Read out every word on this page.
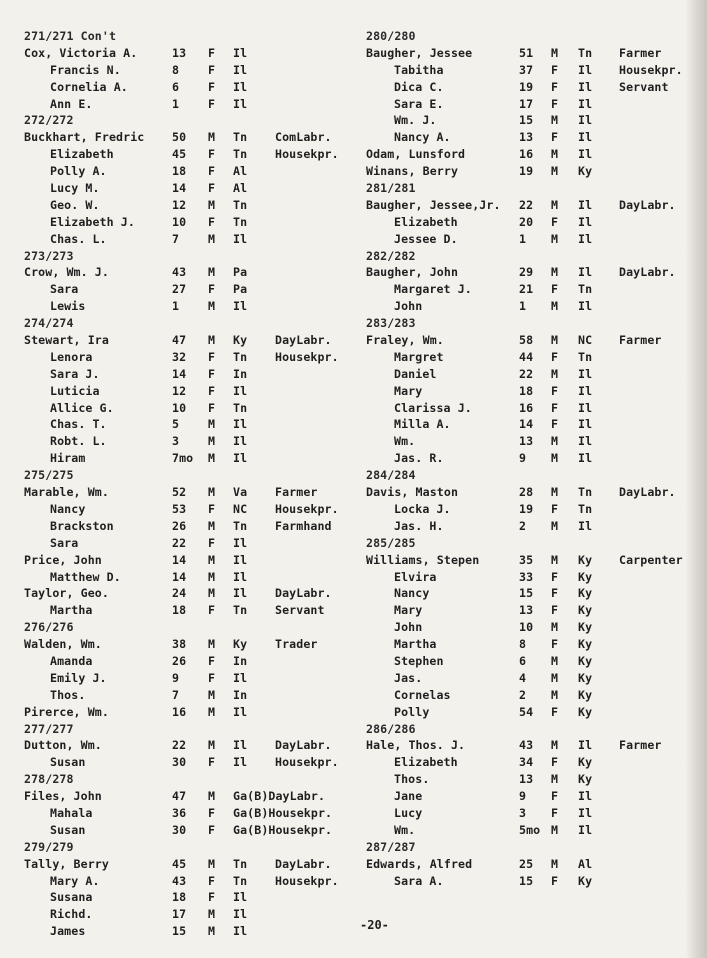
271/271 Con't
Cox, Victoria A.	13 F Il
Francis N.	8 F Il
Cornelia A.	6 F Il
Ann E.	1 F Il
272/272
Buckhart, Fredric 50 M Tn ComLabr.
Elizabeth	45 F Tn Housekpr.
Polly A.	18 F Al
Lucy M.	14 F Al
Geo. W.	12 M Tn
Elizabeth J.	10 F Tn
Chas. L.	7 M Il
273/273
Crow, Wm. J.	43 M Pa
Sara	27 F Pa
Lewis	1 M Il
274/274
Stewart, Ira	47 M Ky DayLabr.
Lenora	32 F Tn Housekpr.
Sara J.	14 F In
Luticia	12 F Il
Allice G.	10 F Tn
Chas. T.	5 M Il
Robt. L.	3 M Il
Hiram	7mo M Il
275/275
Marable, Wm.	52 M Va Farmer
Nancy	53 F NC Housekpr.
Brackston	26 M Tn Farmhand
Sara	22 F Il
Price, John	14 M Il
Matthew D.	14 M Il
Taylor, Geo.	24 M Il DayLabr.
Martha	18 F Tn Servant
276/276
Walden, Wm.	38 M Ky Trader
Amanda	26 F In
Emily J.	9 F Il
Thos.	7 M In
Pirerce, Wm.	16 M Il
277/277
Dutton, Wm.	22 M Il DayLabr.
Susan	30 F Il Housekpr.
278/278
Files, John	47 M Ga(B)DayLabr.
Mahala	36 F Ga(B)Housekpr.
Susan	30 F Ga(B)Housekpr.
279/279
Tally, Berry	45 M Tn DayLabr.
Mary A.	43 F Tn Housekpr.
Susana	18 F Il
Richd.	17 M Il
James	15 M Il
280/280
Baugher, Jessee	51 M Tn Farmer
Tabitha	37 F Il Housekpr.
Dica C.	19 F Il Servant
Sara E.	17 F Il
Wm. J.	15 M Il
Nancy A.	13 F Il
Odam, Lunsford	16 M Il
Winans, Berry	19 M Ky
281/281
Baugher, Jessee,Jr. 22 M Il DayLabr.
Elizabeth	20 F Il
Jessee D.	1 M Il
282/282
Baugher, John	29 M Il DayLabr.
Margaret J.	21 F Tn
John	1 M Il
283/283
Fraley, Wm.	58 M NC Farmer
Margret	44 F Tn
Daniel	22 M Il
Mary	18 F Il
Clarissa J.	16 F Il
Milla A.	14 F Il
Wm.	13 M Il
Jas. R.	9 M Il
284/284
Davis, Maston	28 M Tn DayLabr.
Locka J.	19 F Tn
Jas. H.	2 M Il
285/285
Williams, Stepen	35 M Ky Carpenter
Elvira	33 F Ky
Nancy	15 F Ky
Mary	13 F Ky
John	10 M Ky
Martha	8 F Ky
Stephen	6 M Ky
Jas.	4 M Ky
Cornelas	2 M Ky
Polly	54 F Ky
286/286
Hale, Thos. J.	43 M Il Farmer
Elizabeth	34 F Ky
Thos.	13 M Ky
Jane	9 F Il
Lucy	3 F Il
Wm.	5mo M Il
287/287
Edwards, Alfred	25 M Al
Sara A.	15 F Ky
-20-
